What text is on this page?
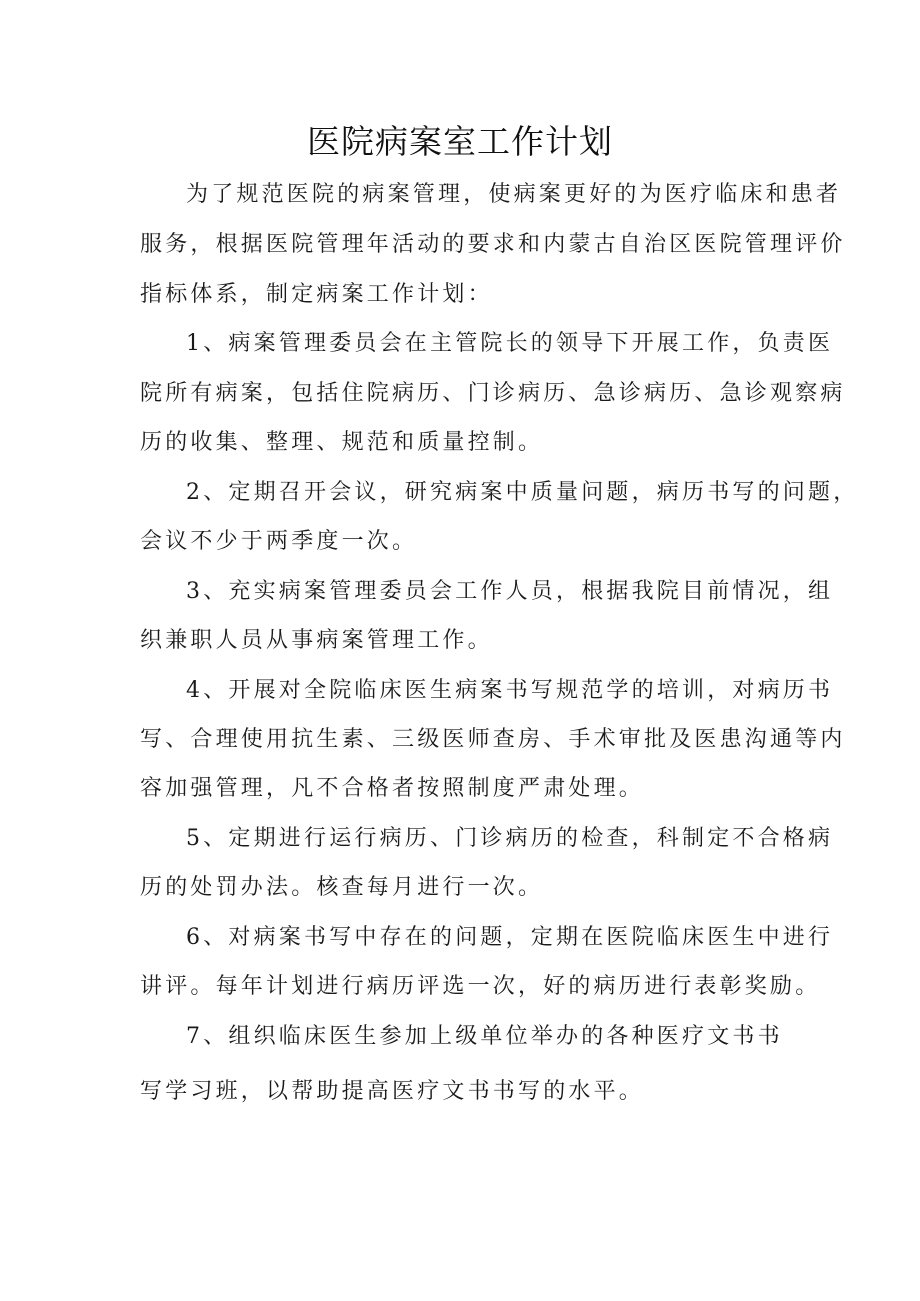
医院病案室工作计划
为了规范医院的病案管理，使病案更好的为医疗临床和患者
服务，根据医院管理年活动的要求和内蒙古自治区医院管理评价
指标体系，制定病案工作计划：
1、病案管理委员会在主管院长的领导下开展工作，负责医
院所有病案，包括住院病历、门诊病历、急诊病历、急诊观察病
历的收集、整理、规范和质量控制。
2、定期召开会议，研究病案中质量问题，病历书写的问题，
会议不少于两季度一次。
3、充实病案管理委员会工作人员，根据我院目前情况，组
织兼职人员从事病案管理工作。
4、开展对全院临床医生病案书写规范学的培训，对病历书
写、合理使用抗生素、三级医师查房、手术审批及医患沟通等内
容加强管理，凡不合格者按照制度严肃处理。
5、定期进行运行病历、门诊病历的检查，科制定不合格病
历的处罚办法。核查每月进行一次。
6、对病案书写中存在的问题，定期在医院临床医生中进行
讲评。每年计划进行病历评选一次，好的病历进行表彰奖励。
7、组织临床医生参加上级单位举办的各种医疗文书书
写学习班，以帮助提高医疗文书书写的水平。
